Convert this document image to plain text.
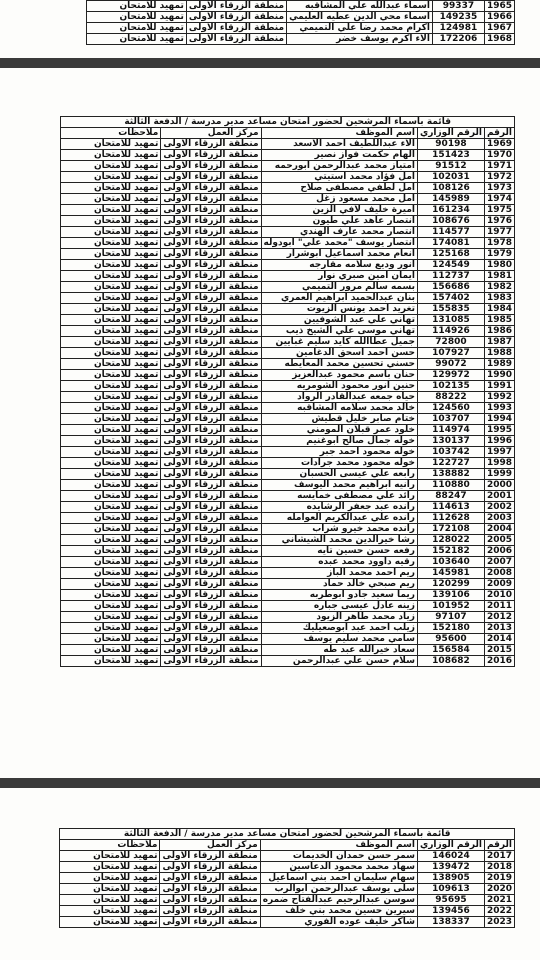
1965	99337	اسماء عبدالله علي المشاقبه	منطقة الزرقاء الاولى	تمهيد للامتحان
1966	149235	اسماء محي الدين عطيه العليمي	منطقة الزرقاء الاولى	تمهيد للامتحان
1967	124981	اكرام محمد رضا علي التميمي	منطقة الزرقاء الاولى	تمهيد للامتحان
1968	172206	الاء اكرم يوسف خضر	منطقة الزرقاء الاولى	تمهيد للامتحان
قائمة بأسماء المرشحين لحضور امتحان مساعد مدير مدرسة / الدفعة الثالثة				
الرقم	الرقم الوزاري	اسم الموظف	مركز العمل	ملاحظات
1969	90198	الاء عبداللطيف احمد الاسعد	منطقة الزرقاء الاولى	تمهيد للامتحان
1970	151423	الهام حكمت فواز نصير	منطقة الزرقاء الاولى	تمهيد للامتحان
1971	91512	امتياز محمد عبدالرحمن ابورحمه	منطقة الزرقاء الاولى	تمهيد للامتحان
1972	102031	امل فؤاد محمد استيتي	منطقة الزرقاء الاولى	تمهيد للامتحان
1973	108126	امل لطفي مصطفى صلاح	منطقة الزرقاء الاولى	تمهيد للامتحان
1974	145989	امل محمد مسعود زغل	منطقة الزرقاء الاولى	تمهيد للامتحان
1975	161234	اميرة خليف لافي الزين	منطقة الزرقاء الاولى	تمهيد للامتحان
1976	108676	انتصار عاهد علي طيون	منطقة الزرقاء الاولى	تمهيد للامتحان
1977	114577	انتصار محمد عارف الهندي	منطقة الزرقاء الاولى	تمهيد للامتحان
1978	174081	انتصار يوسف "محمد علي" ابودوله	منطقة الزرقاء الاولى	تمهيد للامتحان
1979	125168	انعام محمد اسماعيل ابوشرار	منطقة الزرقاء الاولى	تمهيد للامتحان
1980	124549	انور وديع سلامه مقارجه	منطقة الزرقاء الاولى	تمهيد للامتحان
1981	112737	ايمان امين صبري نوار	منطقة الزرقاء الاولى	تمهيد للامتحان
1982	156686	بسمه سالم مرور التميمي	منطقة الزرقاء الاولى	تمهيد للامتحان
1983	157402	بنان عبدالحميد ابراهيم العمري	منطقة الزرقاء الاولى	تمهيد للامتحان
1984	155835	تغريد احمد يونس الزيوت	منطقة الزرقاء الاولى	تمهيد للامتحان
1985	131085	تهاني علي عبد الشوفيين	منطقة الزرقاء الاولى	تمهيد للامتحان
1986	114926	تهاني موسى علي الشيخ ذيب	منطقة الزرقاء الاولى	تمهيد للامتحان
1987	72800	جميل عطاالله كايد سليم غبايين	منطقة الزرقاء الاولى	تمهيد للامتحان
1988	107927	حسن احمد اسحق الدغامين	منطقة الزرقاء الاولى	تمهيد للامتحان
1989	99072	حسني تحسين محمد المعايطه	منطقة الزرقاء الاولى	تمهيد للامتحان
1990	129972	حنان باسم محمود عبدالعزيز	منطقة الزرقاء الاولى	تمهيد للامتحان
1991	102135	حنين انور محمود الشومريه	منطقة الزرقاء الاولى	تمهيد للامتحان
1992	88222	حياه جمعه عبدالقادر الرواد	منطقة الزرقاء الاولى	تمهيد للامتحان
1993	124560	خالد محمد سلامه المشاقبه	منطقة الزرقاء الاولى	تمهيد للامتحان
1994	103707	ختام صابر خليل قطيش	منطقة الزرقاء الاولى	تمهيد للامتحان
1995	114974	خلود عمر قبلان المومني	منطقة الزرقاء الاولى	تمهيد للامتحان
1996	130137	خوله جمال صالح ابوغنيم	منطقة الزرقاء الاولى	تمهيد للامتحان
1997	103742	خوله محمود احمد جبر	منطقة الزرقاء الاولى	تمهيد للامتحان
1998	122727	خوله محمود محمد جرادات	منطقة الزرقاء الاولى	تمهيد للامتحان
1999	138882	رابعه علي عيسى الحسبان	منطقة الزرقاء الاولى	تمهيد للامتحان
2000	110880	رانيه ابراهيم محمد اليوسف	منطقة الزرقاء الاولى	تمهيد للامتحان
2001	88247	رائد علي مصطفى خمايسه	منطقة الزرقاء الاولى	تمهيد للامتحان
2002	114613	رانده عبد جعفر الرشايده	منطقة الزرقاء الاولى	تمهيد للامتحان
2003	112628	رانده علي عبدالكريم العوامله	منطقة الزرقاء الاولى	تمهيد للامتحان
2004	172108	رانده محمد خيرو شراب	منطقة الزرقاء الاولى	تمهيد للامتحان
2005	128022	رشا خيرالدين محمد الشيشاني	منطقة الزرقاء الاولى	تمهيد للامتحان
2006	152182	رفعه حسن حسين تايه	منطقة الزرقاء الاولى	تمهيد للامتحان
2007	103640	رقيه داوود محمد عبده	منطقة الزرقاء الاولى	تمهيد للامتحان
2008	145981	ريم احمد محمد الباز	منطقة الزرقاء الاولى	تمهيد للامتحان
2009	120299	ريم صبحي خالد حماد	منطقة الزرقاء الاولى	تمهيد للامتحان
2010	139106	ريما سعيد جادو ابوطربه	منطقة الزرقاء الاولى	تمهيد للامتحان
2011	101952	زينه عادل عيسى جباره	منطقة الزرقاء الاولى	تمهيد للامتحان
2012	97107	زياد محمد طاهر الزيود	منطقة الزرقاء الاولى	تمهيد للامتحان
2013	152180	زيلب احمد عبد ابوصعيليك	منطقة الزرقاء الاولى	تمهيد للامتحان
2014	95600	سامي محمد سليم يوسف	منطقة الزرقاء الاولى	تمهيد للامتحان
2015	156584	سعاد خيرالله عبد طه	منطقة الزرقاء الاولى	تمهيد للامتحان
2016	108682	سلام حسن علي عبدالرحمن	منطقة الزرقاء الاولى	تمهيد للامتحان
قائمة بأسماء المرشحين لحضور امتحان مساعد مدير مدرسة / الدفعة الثالثة				
الرقم	الرقم الوزاري	اسم الموظف	مركز العمل	ملاحظات
2017	146024	سمر حسن حمدان الخديمات	منطقة الزرقاء الاولى	تمهيد للامتحان
2018	139472	سهاد محمد محمود الدعاسين	منطقة الزرقاء الاولى	تمهيد للامتحان
2019	138905	سهام سليمان احمد بني اسماعيل	منطقة الزرقاء الاولى	تمهيد للامتحان
2020	109613	سلى يوسف عبدالرحمن ابوالرب	منطقة الزرقاء الاولى	تمهيد للامتحان
2021	95695	سوسن عبدالرحيم عبدالفتاح ضمره	منطقة الزرقاء الاولى	تمهيد للامتحان
2022	139456	سيرين حسين محمد بني خلف	منطقة الزرقاء الاولى	تمهيد للامتحان
2023	138337	شاكر خليف عوده الفوري	منطقة الزرقاء الاولى	تمهيد للامتحان
